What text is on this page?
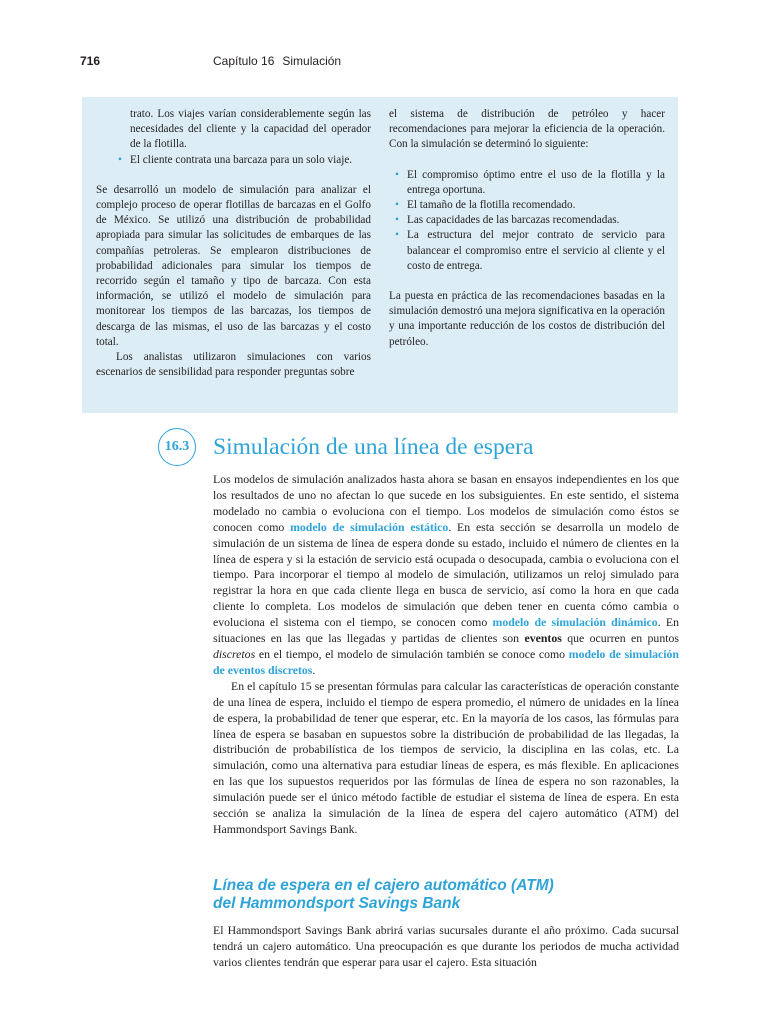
716	Capítulo 16 Simulación

trato. Los viajes varían considerablemente según las necesidades del cliente y la capacidad del operador de la flotilla.

• El cliente contrata una barcaza para un solo viaje.

Se desarrolló un modelo de simulación para analizar el complejo proceso de operar flotillas de barcazas en el Golfo de México. Se utilizó una distribución de probabilidad apropiada para simular las solicitudes de embarques de las compañías petroleras. Se emplearon distribuciones de probabilidad adicionales para simular los tiempos de recorrido según el tamaño y tipo de barcaza. Con esta información, se utilizó el modelo de simulación para monitorear los tiempos de las barcazas, los tiempos de descarga de las mismas, el uso de las barcazas y el costo total.

Los analistas utilizaron simulaciones con varios escenarios de sensibilidad para responder preguntas sobre

el sistema de distribución de petróleo y hacer recomendaciones para mejorar la eficiencia de la operación. Con la simulación se determinó lo siguiente:

• El compromiso óptimo entre el uso de la flotilla y la entrega oportuna.
• El tamaño de la flotilla recomendado.
• Las capacidades de las barcazas recomendadas.
• La estructura del mejor contrato de servicio para balancear el compromiso entre el servicio al cliente y el costo de entrega.

La puesta en práctica de las recomendaciones basadas en la simulación demostró una mejora significativa en la operación y una importante reducción de los costos de distribución del petróleo.

16.3 Simulación de una línea de espera

Los modelos de simulación analizados hasta ahora se basan en ensayos independientes en los que los resultados de uno no afectan lo que sucede en los subsiguientes. En este sentido, el sistema modelado no cambia o evoluciona con el tiempo. Los modelos de simulación como éstos se conocen como modelo de simulación estático. En esta sección se desarrolla un modelo de simulación de un sistema de línea de espera donde su estado, incluido el número de clientes en la línea de espera y si la estación de servicio está ocupada o desocupada, cambia o evoluciona con el tiempo. Para incorporar el tiempo al modelo de simulación, utilizamos un reloj simulado para registrar la hora en que cada cliente llega en busca de servicio, así como la hora en que cada cliente lo completa. Los modelos de simulación que deben tener en cuenta cómo cambia o evoluciona el sistema con el tiempo, se conocen como modelo de simulación dinámico. En situaciones en las que las llegadas y partidas de clientes son eventos que ocurren en puntos discretos en el tiempo, el modelo de simulación también se conoce como modelo de simulación de eventos discretos.

En el capítulo 15 se presentan fórmulas para calcular las características de operación constante de una línea de espera, incluido el tiempo de espera promedio, el número de unidades en la línea de espera, la probabilidad de tener que esperar, etc. En la mayoría de los casos, las fórmulas para línea de espera se basaban en supuestos sobre la distribución de probabilidad de las llegadas, la distribución de probabilística de los tiempos de servicio, la disciplina en las colas, etc. La simulación, como una alternativa para estudiar líneas de espera, es más flexible. En aplicaciones en las que los supuestos requeridos por las fórmulas de línea de espera no son razonables, la simulación puede ser el único método factible de estudiar el sistema de línea de espera. En esta sección se analiza la simulación de la línea de espera del cajero automático (ATM) del Hammondsport Savings Bank.

Línea de espera en el cajero automático (ATM)
del Hammondsport Savings Bank

El Hammondsport Savings Bank abrirá varias sucursales durante el año próximo. Cada sucursal tendrá un cajero automático. Una preocupación es que durante los periodos de mucha actividad varios clientes tendrán que esperar para usar el cajero. Esta situación
